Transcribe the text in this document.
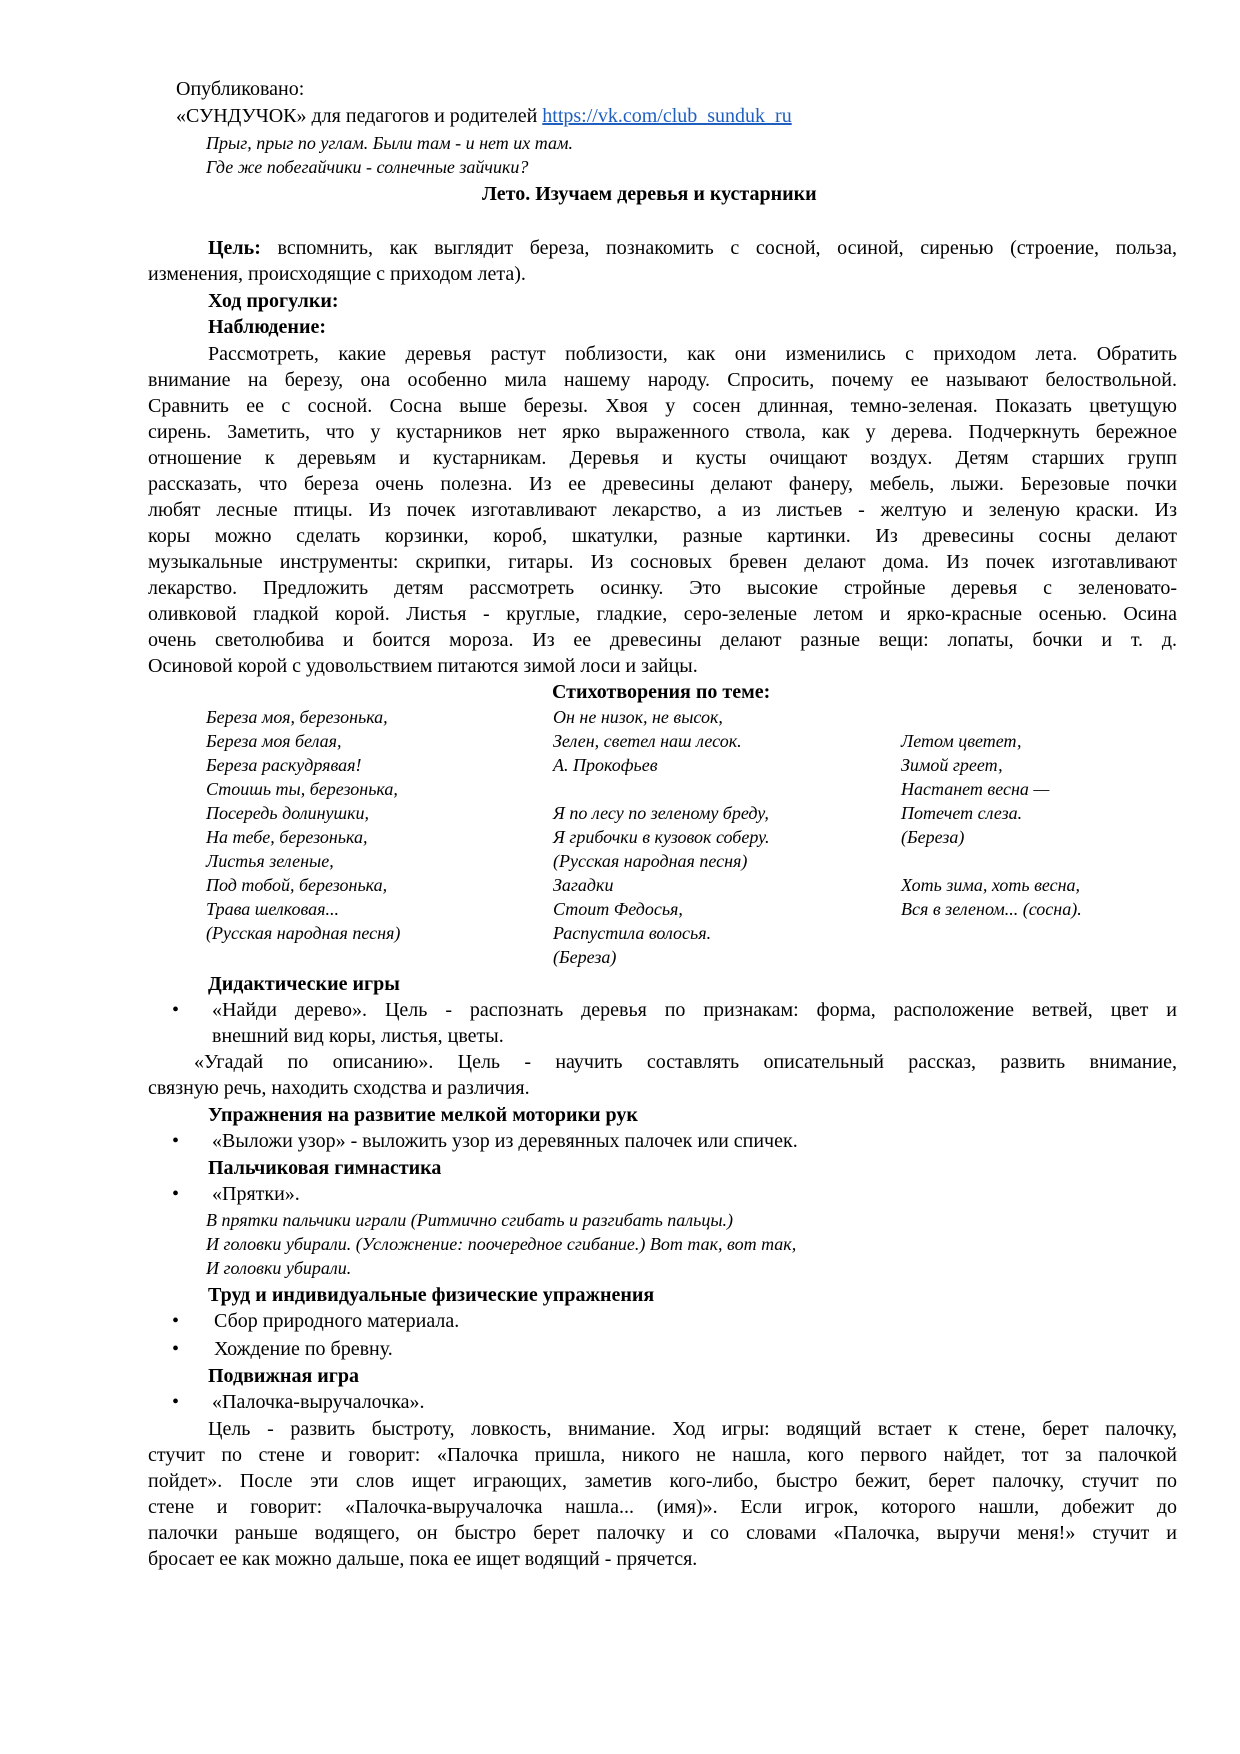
Опубликовано:
«СУНДУЧОК» для педагогов и родителей https://vk.com/club_sunduk_ru
Прыг, прыг по углам. Были там - и нет их там.
Где же побегайчики - солнечные зайчики?
Лето. Изучаем деревья и кустарники
Цель: вспомнить, как выглядит береза, познакомить с сосной, осиной, сиренью (строение, польза,
изменения, происходящие с приходом лета).
Ход прогулки:
Наблюдение:
Рассмотреть, какие деревья растут поблизости, как они изменились с приходом лета. Обратить
внимание на березу, она особенно мила нашему народу. Спросить, почему ее называют белоствольной.
Сравнить ее с сосной. Сосна выше березы. Хвоя у сосен длинная, темно-зеленая. Показать цветущую
сирень. Заметить, что у кустарников нет ярко выраженного ствола, как у дерева. Подчеркнуть бережное
отношение к деревьям и кустарникам. Деревья и кусты очищают воздух. Детям старших групп
рассказать, что береза очень полезна. Из ее древесины делают фанеру, мебель, лыжи. Березовые почки
любят лесные птицы. Из почек изготавливают лекарство, а из листьев - желтую и зеленую краски. Из
коры можно сделать корзинки, короб, шкатулки, разные картинки. Из древесины сосны делают
музыкальные инструменты: скрипки, гитары. Из сосновых бревен делают дома. Из почек изготавливают
лекарство. Предложить детям рассмотреть осинку. Это высокие стройные деревья с зеленовато-
оливковой гладкой корой. Листья - круглые, гладкие, серо-зеленые летом и ярко-красные осенью. Осина
очень светолюбива и боится мороза. Из ее древесины делают разные вещи: лопаты, бочки и т. д.
Осиновой корой с удовольствием питаются зимой лоси и зайцы.
Стихотворения по теме:
Береза моя, березонька,
Береза моя белая,
Береза раскудрявая!
Стоишь ты, березонька,
Посередь долинушки,
На тебе, березонька,
Листья зеленые,
Под тобой, березонька,
Трава шелковая...
(Русская народная песня)
Он не низок, не высок,
Зелен, светел наш лесок.
А. Прокофьев
Я по лесу по зеленому бреду,
Я грибочки в кузовок соберу.
(Русская народная песня)
Загадки
Стоит Федосья,
Распустила волосья.
(Береза)
Летом цветет,
Зимой греет,
Настанет весна —
Потечет слеза.
(Береза)
Хоть зима, хоть весна,
Вся в зеленом... (сосна).
Дидактические игры
• «Найди дерево». Цель - распознать деревья по признакам: форма, расположение ветвей, цвет и
внешний вид коры, листья, цветы.
«Угадай по описанию». Цель - научить составлять описательный рассказ, развить внимание,
связную речь, находить сходства и различия.
Упражнения на развитие мелкой моторики рук
• «Выложи узор» - выложить узор из деревянных палочек или спичек.
Пальчиковая гимнастика
• «Прятки».
В прятки пальчики играли (Ритмично сгибать и разгибать пальцы.)
И головки убирали. (Усложнение: поочередное сгибание.) Вот так, вот так,
И головки убирали.
Труд и индивидуальные физические упражнения
• Сбор природного материала.
• Хождение по бревну.
Подвижная игра
• «Палочка-выручалочка».
Цель - развить быстроту, ловкость, внимание. Ход игры: водящий встает к стене, берет палочку,
стучит по стене и говорит: «Палочка пришла, никого не нашла, кого первого найдет, тот за палочкой
пойдет». После эти слов ищет играющих, заметив кого-либо, быстро бежит, берет палочку, стучит по
стене и говорит: «Палочка-выручалочка нашла... (имя)». Если игрок, которого нашли, добежит до
палочки раньше водящего, он быстро берет палочку и со словами «Палочка, выручи меня!» стучит и
бросает ее как можно дальше, пока ее ищет водящий - прячется.
